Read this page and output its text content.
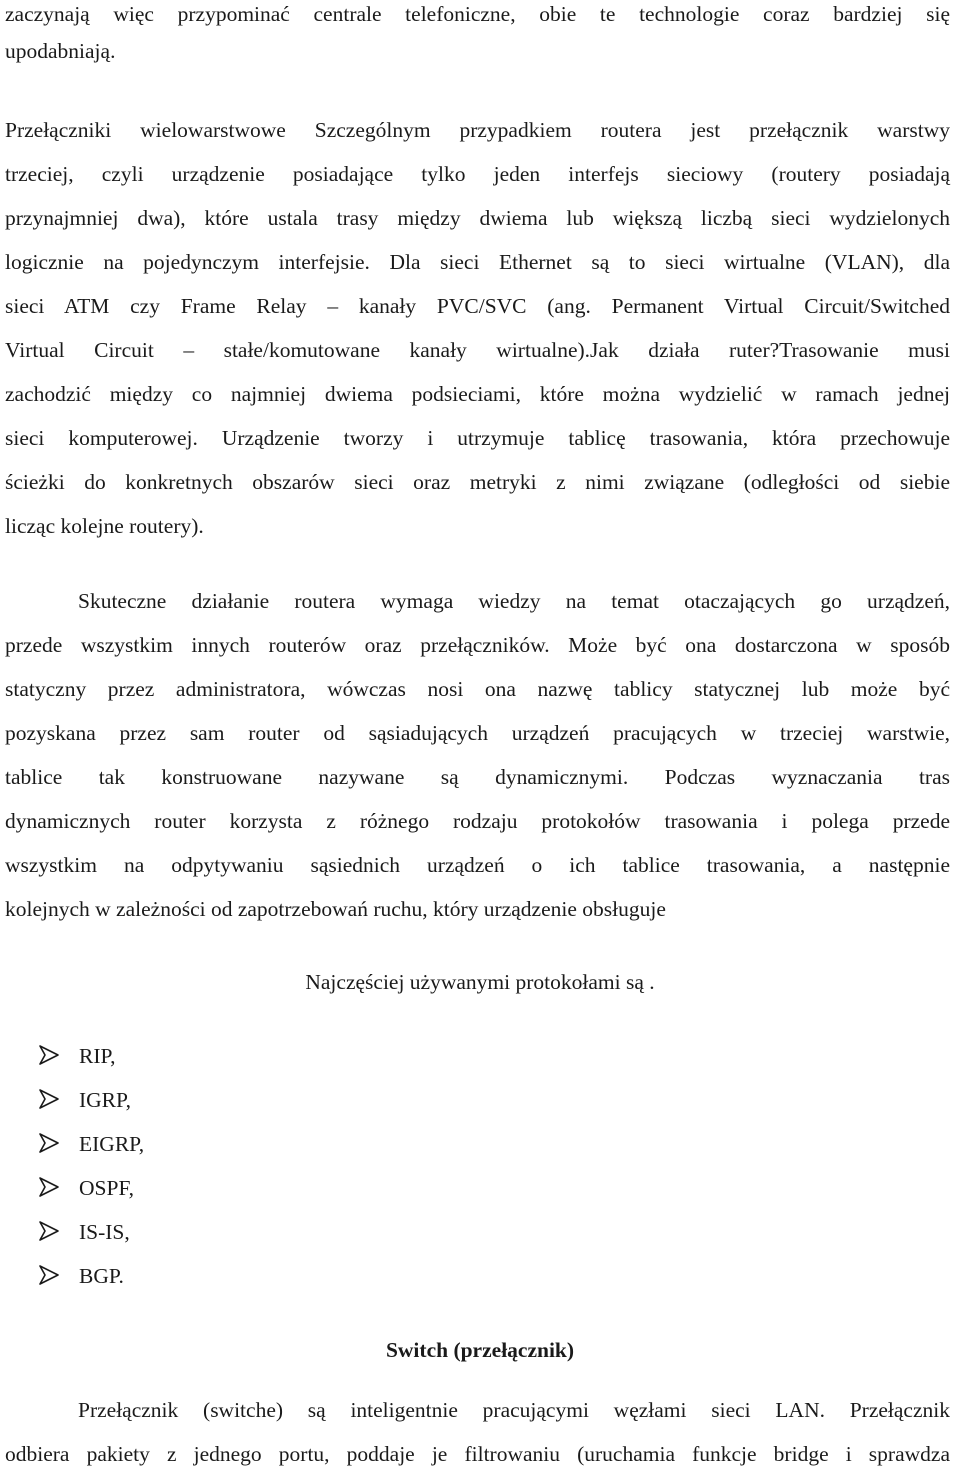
zaczynają więc przypominać centrale telefoniczne, obie te technologie coraz bardziej się
upodabniają.
Przełączniki wielowarstwowe Szczególnym przypadkiem routera jest przełącznik warstwy
trzeciej, czyli urządzenie posiadające tylko jeden interfejs sieciowy (routery posiadają
przynajmniej dwa), które ustala trasy między dwiema lub większą liczbą sieci wydzielonych
logicznie na pojedynczym interfejsie. Dla sieci Ethernet są to sieci wirtualne (VLAN), dla
sieci ATM czy Frame Relay – kanały PVC/SVC (ang. Permanent Virtual Circuit/Switched
Virtual Circuit – stałe/komutowane kanały wirtualne).Jak działa ruter?Trasowanie musi
zachodzić między co najmniej dwiema podsieciami, które można wydzielić w ramach jednej
sieci komputerowej. Urządzenie tworzy i utrzymuje tablicę trasowania, która przechowuje
ścieżki do konkretnych obszarów sieci oraz metryki z nimi związane (odległości od siebie
licząc kolejne routery).
Skuteczne działanie routera wymaga wiedzy na temat otaczających go urządzeń,
przede wszystkim innych routerów oraz przełączników. Może być ona dostarczona w sposób
statyczny przez administratora, wówczas nosi ona nazwę tablicy statycznej lub może być
pozyskana przez sam router od sąsiadujących urządzeń pracujących w trzeciej warstwie,
tablice tak konstruowane nazywane są dynamicznymi. Podczas wyznaczania tras
dynamicznych router korzysta z różnego rodzaju protokołów trasowania i polega przede
wszystkim na odpytywaniu sąsiednich urządzeń o ich tablice trasowania, a następnie
kolejnych w zależności od zapotrzebowań ruchu, który urządzenie obsługuje
Najczęściej używanymi protokołami są .
RIP,
IGRP,
EIGRP,
OSPF,
IS-IS,
BGP.
Switch (przełącznik)
Przełącznik (switche) są inteligentnie pracującymi węzłami sieci LAN. Przełącznik
odbiera pakiety z jednego portu, poddaje je filtrowaniu (uruchamia funkcje bridge i sprawdza
